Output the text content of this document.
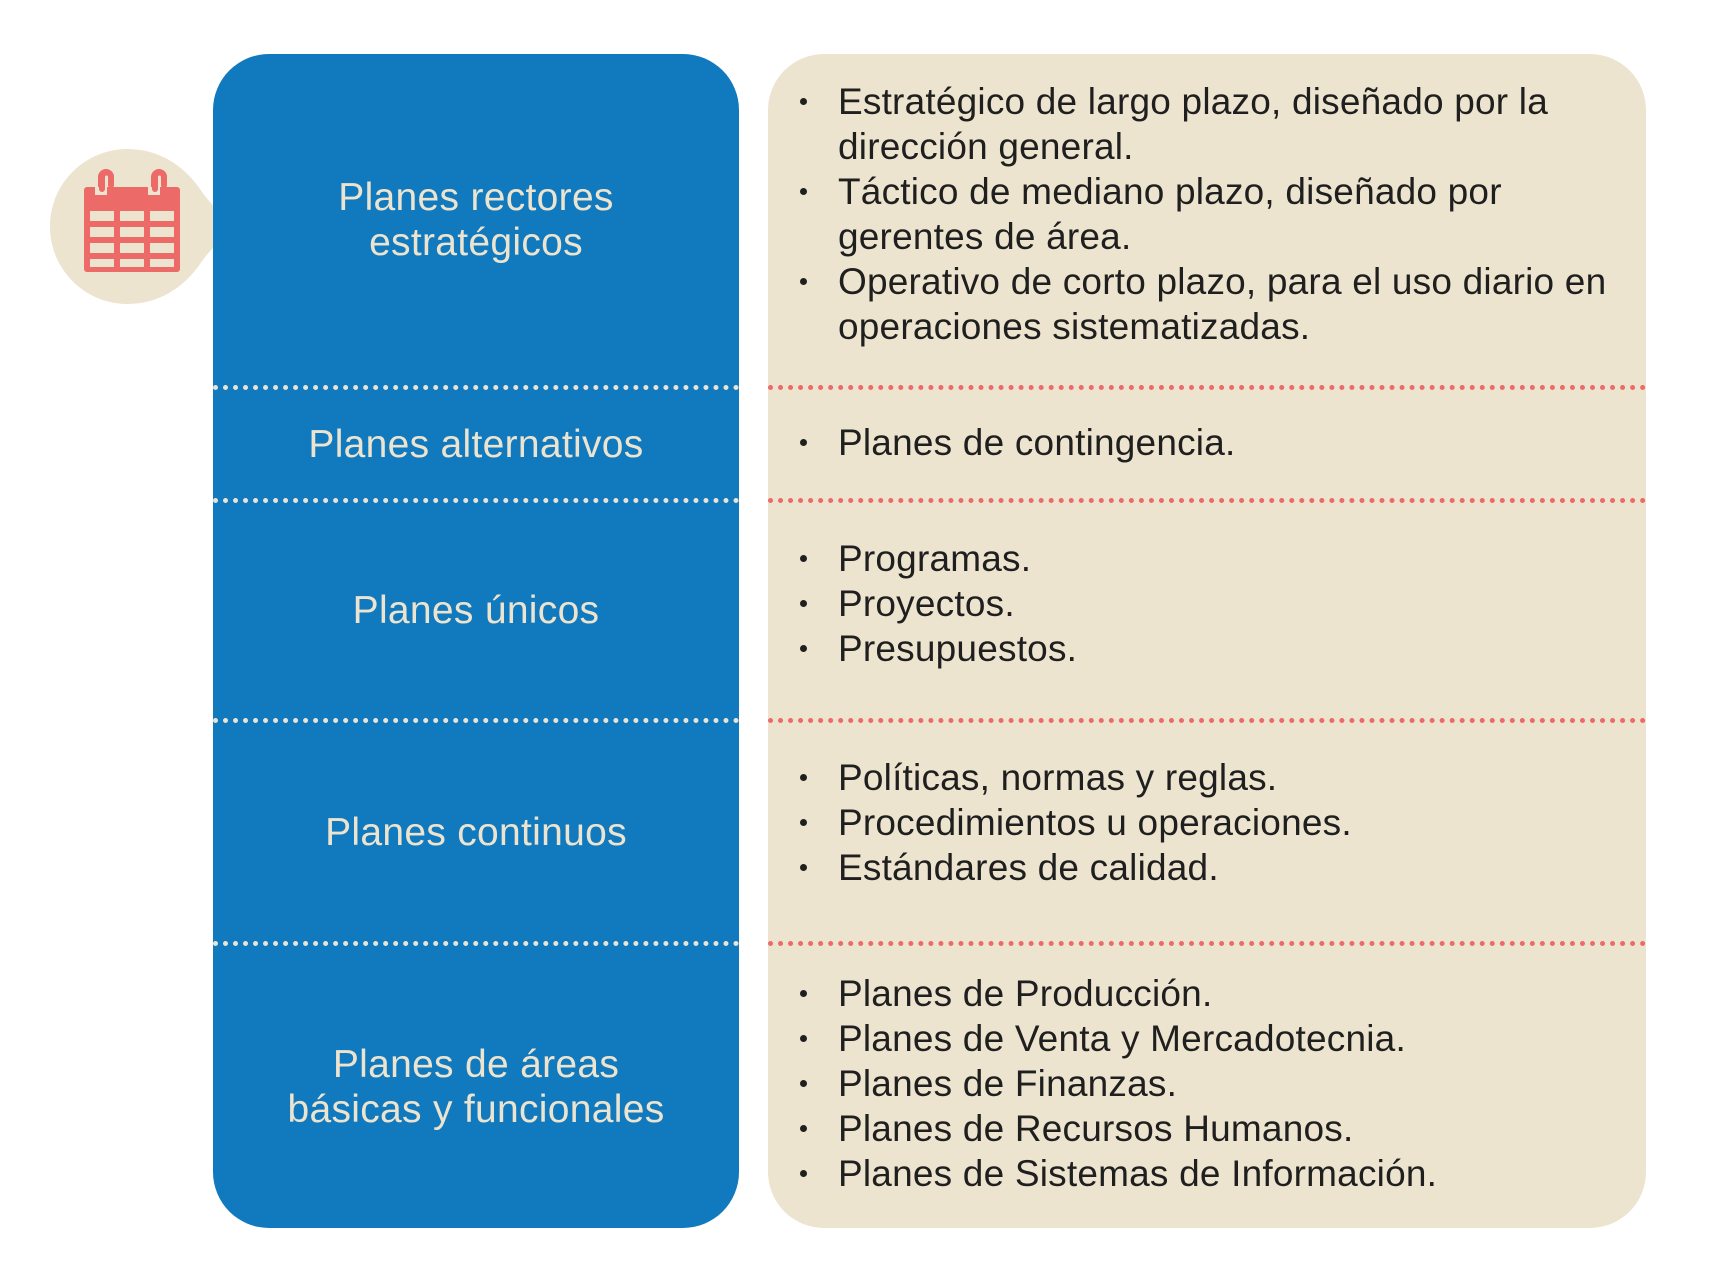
Planes rectores estratégicos
Planes alternativos
Planes únicos
Planes continuos
Planes de áreas básicas y funcionales
Estratégico de largo plazo, diseñado por la dirección general.
Táctico de mediano plazo, diseñado por gerentes de área.
Operativo de corto plazo, para el uso diario en operaciones sistematizadas.
Planes de contingencia.
Programas.
Proyectos.
Presupuestos.
Políticas, normas y reglas.
Procedimientos u operaciones.
Estándares de calidad.
Planes de Producción.
Planes de Venta y Mercadotecnia.
Planes de Finanzas.
Planes de Recursos Humanos.
Planes de Sistemas de Información.
